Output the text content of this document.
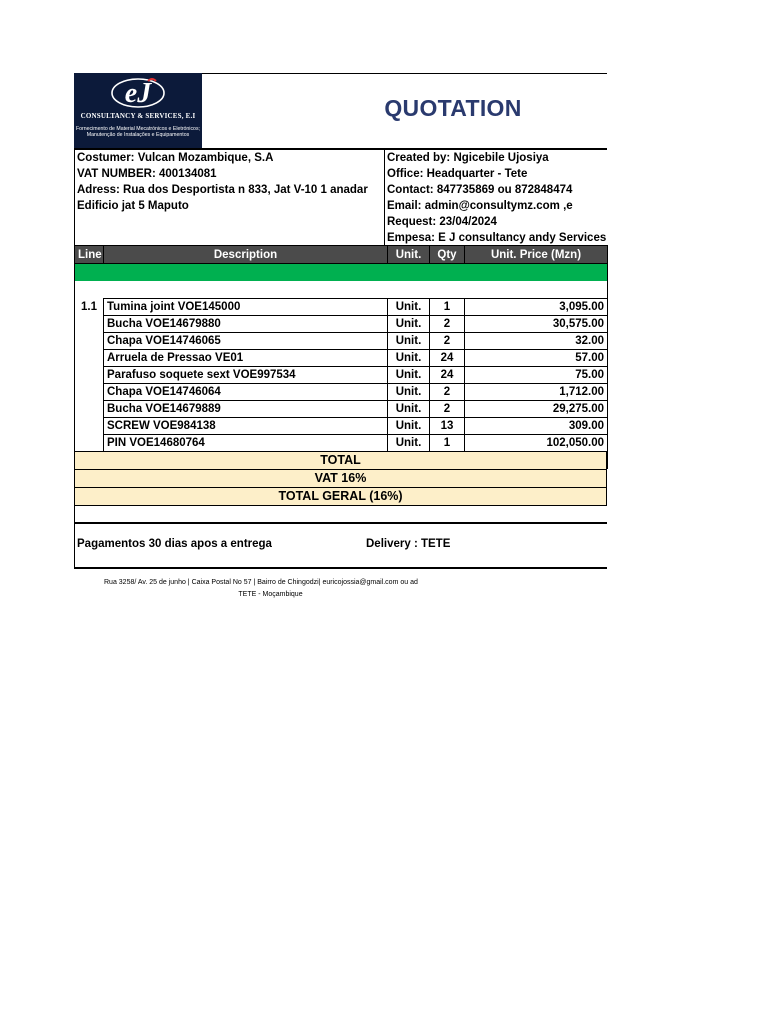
eJ
CONSULTANCY & SERVICES, E.I
Fornecimento de Material Mecatrónicos e Eletrónicos; Manutenção de Instalações e Equipamentos
QUOTATION
Costumer: Vulcan Mozambique, S.A
VAT NUMBER: 400134081
Adress: Rua dos Desportista n 833, Jat V-10 1 anadar
Edificio jat 5 Maputo
Created by: Ngicebile Ujosiya
Office: Headquarter - Tete
Contact: 847735869 ou 872848474
Email: admin@consultymz.com ,e
Request: 23/04/2024
Empesa: E J consultancy andy Services
Line	Description	Unit.	Qty	Unit. Price (Mzn)

1.1	Tumina joint VOE145000	Unit.	1	3,095.00
	Bucha VOE14679880	Unit.	2	30,575.00
	Chapa VOE14746065	Unit.	2	32.00
	Arruela de Pressao VE01	Unit.	24	57.00
	Parafuso soquete sext VOE997534	Unit.	24	75.00
	Chapa VOE14746064	Unit.	2	1,712.00
	Bucha VOE14679889	Unit.	2	29,275.00
	SCREW VOE984138	Unit.	13	309.00
	PIN VOE14680764	Unit.	1	102,050.00

TOTAL
VAT 16%
TOTAL GERAL (16%)
Pagamentos 30 dias apos a entrega	Delivery : TETE
Rua 3258/ Av. 25 de junho | Caixa Postal No 57 | Bairro de Chingodzi| euricojossia@gmail.com ou ad
TETE - Moçambique
